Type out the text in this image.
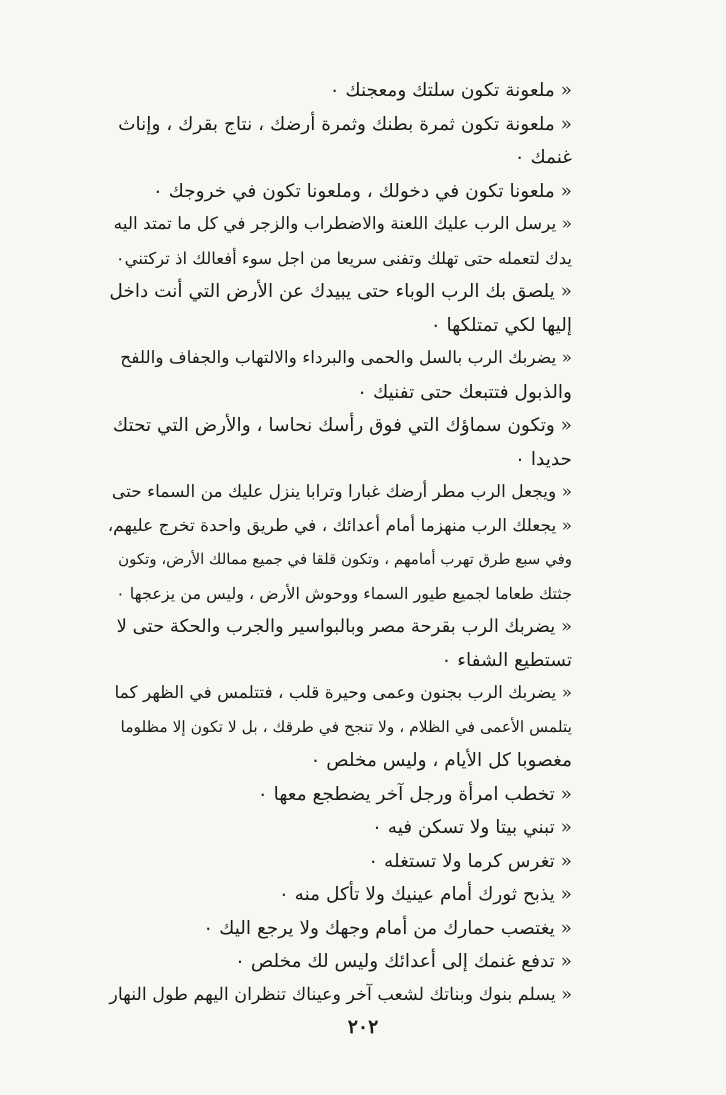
« ملعونة تكون سلتك ومعجنك ٠
« ملعونة تكون ثمرة بطنك وثمرة أرضك ، نتاج بقرك ، وإناث
غنمك ٠
« ملعونا تكون في دخولك ، وملعونا تكون في خروجك ٠
« يرسل الرب عليك اللعنة والاضطراب والزجر في كل ما تمتد اليه
يدك لتعمله حتى تهلك وتفنى سريعا من اجل سوء أفعالك اذ تركتني٠
« يلصق بك الرب الوباء حتى يبيدك عن الأرض التي أنت داخل
إليها لكي تمتلكها ٠
« يضربك الرب بالسل والحمى والبرداء والالتهاب والجفاف واللفح
والذبول فتتبعك حتى تفنيك ٠
« وتكون سماؤك التي فوق رأسك نحاسا ، والأرض التي تحتك
حديدا ٠
« ويجعل الرب مطر أرضك غبارا وترابا ينزل عليك من السماء حتى
« يجعلك الرب منهزما أمام أعدائك ، في طريق واحدة تخرج عليهم،
وفي سبع طرق تهرب أمامهم ، وتكون قلقا في جميع ممالك الأرض، وتكون
جثتك طعاما لجميع طيور السماء ووحوش الأرض ، وليس من يزعجها ٠
« يضربك الرب بقرحة مصر وبالبواسير والجرب والحكة حتى لا
تستطيع الشفاء ٠
« يضربك الرب بجنون وعمى وحيرة قلب ، فتتلمس في الظهر كما
يتلمس الأعمى في الظلام ، ولا تنجح في طرقك ، بل لا تكون إلا مظلوما
مغصوبا كل الأيام ، وليس مخلص ٠
« تخطب امرأة ورجل آخر يضطجع معها ٠
« تبني بيتا ولا تسكن فيه ٠
« تغرس كرما ولا تستغله ٠
« يذبح ثورك أمام عينيك ولا تأكل منه ٠
« يغتصب حمارك من أمام وجهك ولا يرجع اليك ٠
« تدفع غنمك إلى أعدائك وليس لك مخلص ٠
« يسلم بنوك وبناتك لشعب آخر وعيناك تنظران اليهم طول النهار
٢٠٢
